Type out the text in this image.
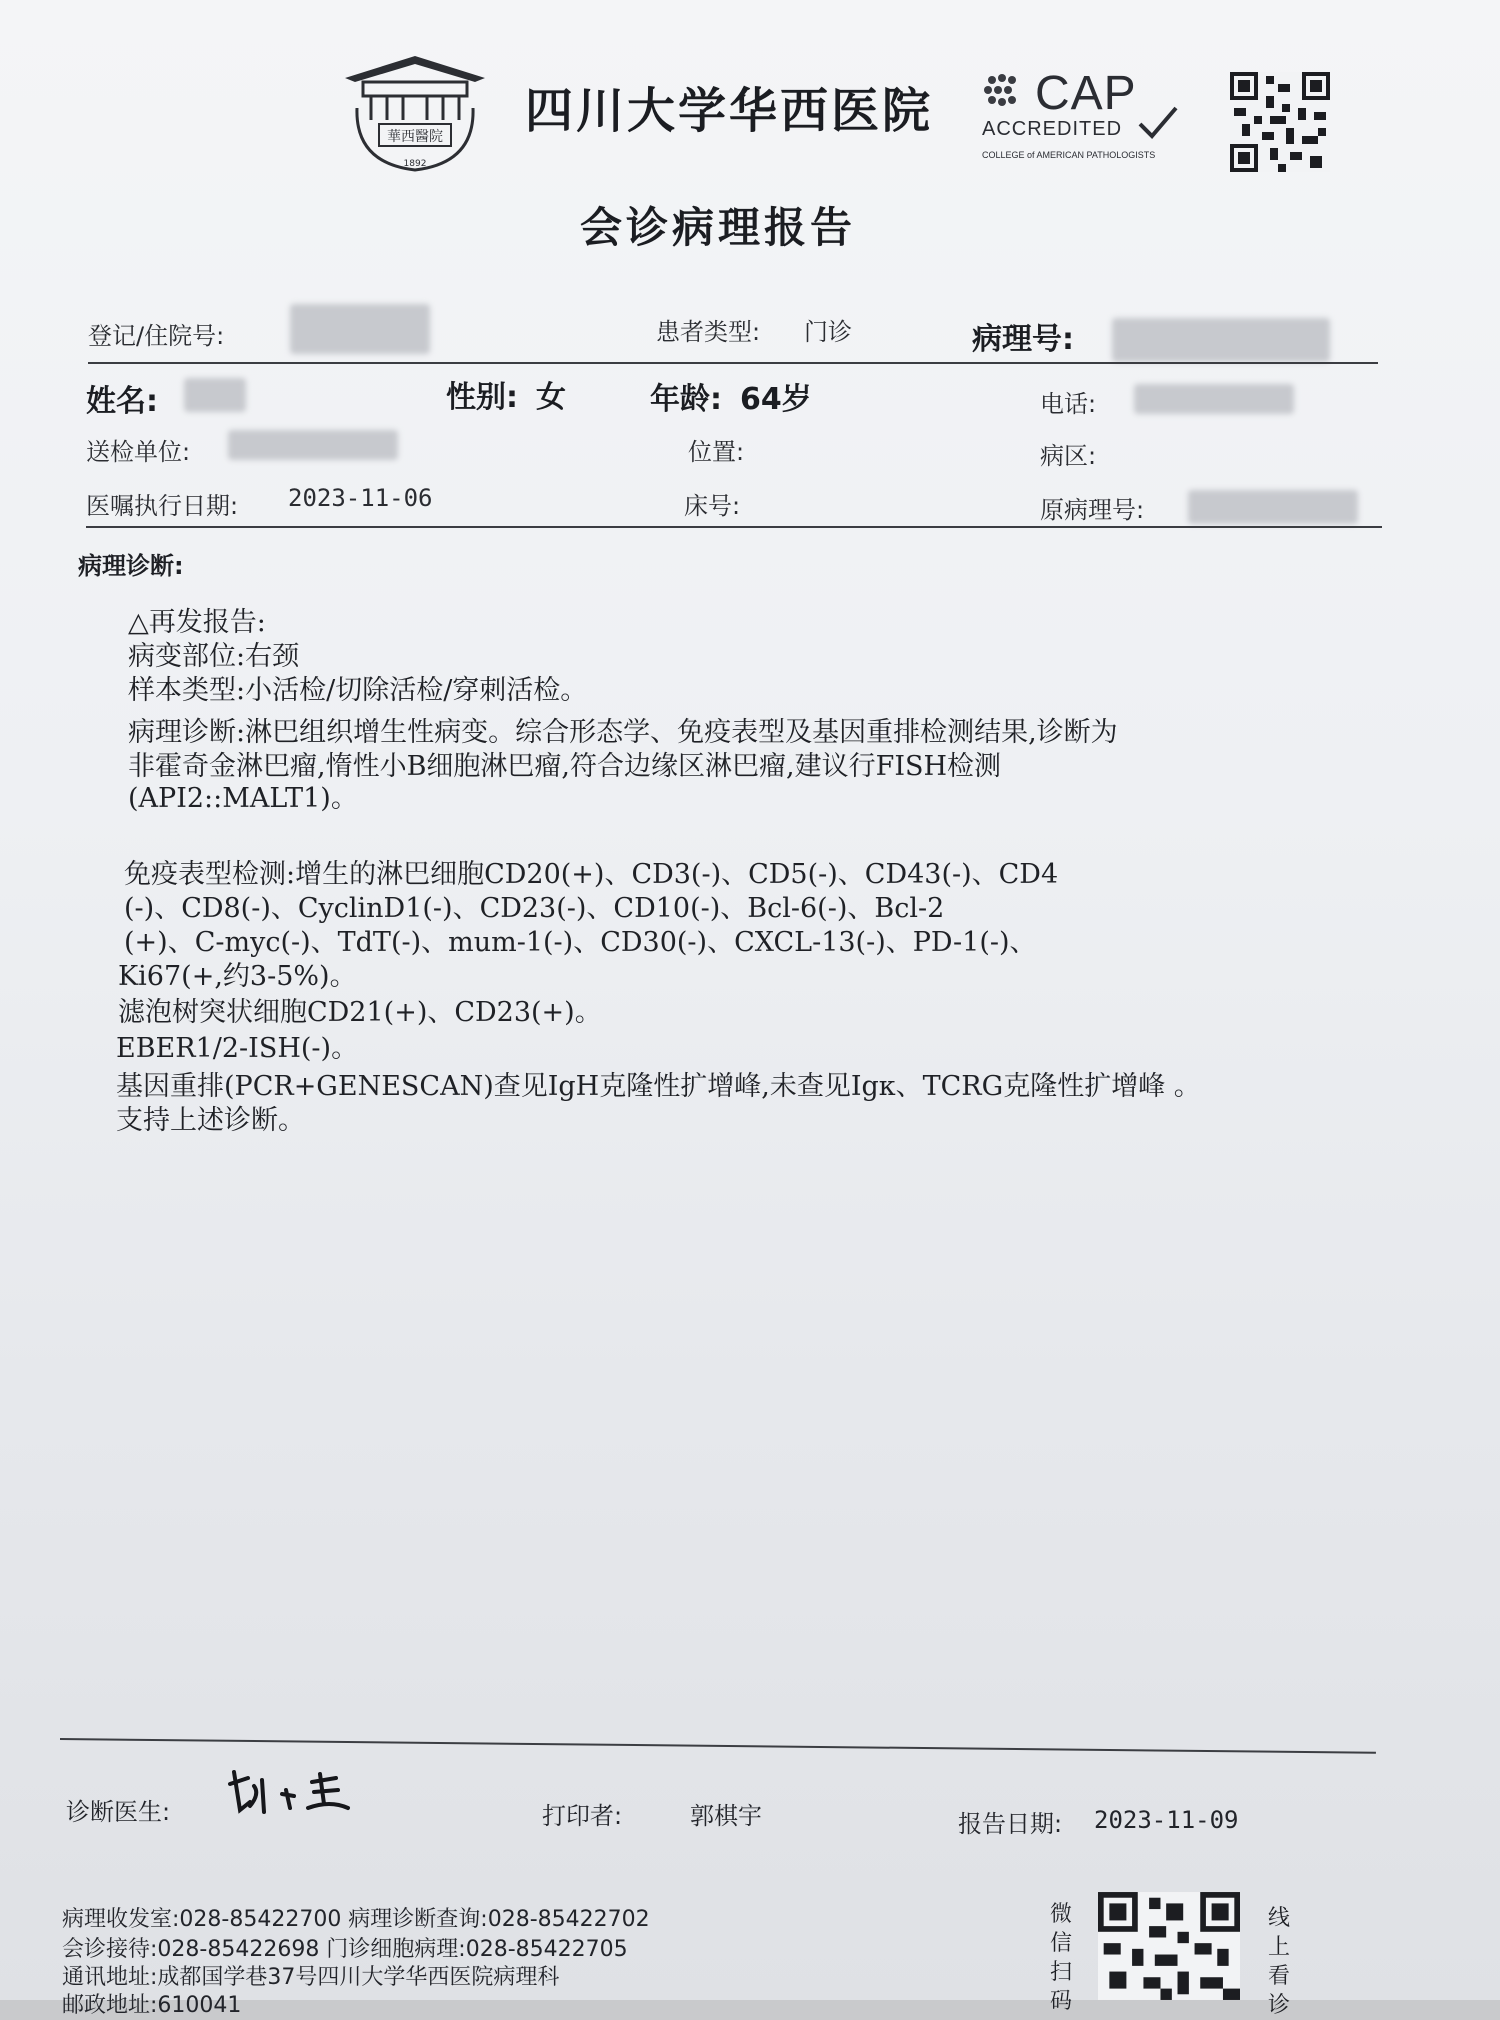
華西醫院
1892
四川大学华西医院 CAP
ACCREDITED
COLLEGE of AMERICAN PATHOLOGISTS
会诊病理报告
登记/住院号:	患者类型: 门诊	病理号:
姓名:	性别: 女	年龄: 64岁	电话:
送检单位:	位置:	病区:
医嘱执行日期: 2023-11-06	床号:	原病理号:
病理诊断:
△再发报告:
病变部位:右颈
样本类型:小活检/切除活检/穿刺活检。
病理诊断:淋巴组织增生性病变。综合形态学、免疫表型及基因重排检测结果,诊断为
非霍奇金淋巴瘤,惰性小B细胞淋巴瘤,符合边缘区淋巴瘤,建议行FISH检测
(API2::MALT1)。
免疫表型检测:增生的淋巴细胞CD20(+)、CD3(-)、CD5(-)、CD43(-)、CD4
(-)、CD8(-)、CyclinD1(-)、CD23(-)、CD10(-)、Bcl-6(-)、Bcl-2
(+)、C-myc(-)、TdT(-)、mum-1(-)、CD30(-)、CXCL-13(-)、PD-1(-)、
Ki67(+,约3-5%)。
滤泡树突状细胞CD21(+)、CD23(+)。
EBER1/2-ISH(-)。
基因重排(PCR+GENESCAN)查见IgH克隆性扩增峰,未查见Igκ、TCRG克隆性扩增峰 。
支持上述诊断。
诊断医生:	打印者:	郭棋宇	报告日期: 2023-11-09
病理收发室:028-85422700 病理诊断查询:028-85422702
会诊接待:028-85422698 门诊细胞病理:028-85422705
通讯地址:成都国学巷37号四川大学华西医院病理科
邮政地址:610041
微信扫码
线上看诊
